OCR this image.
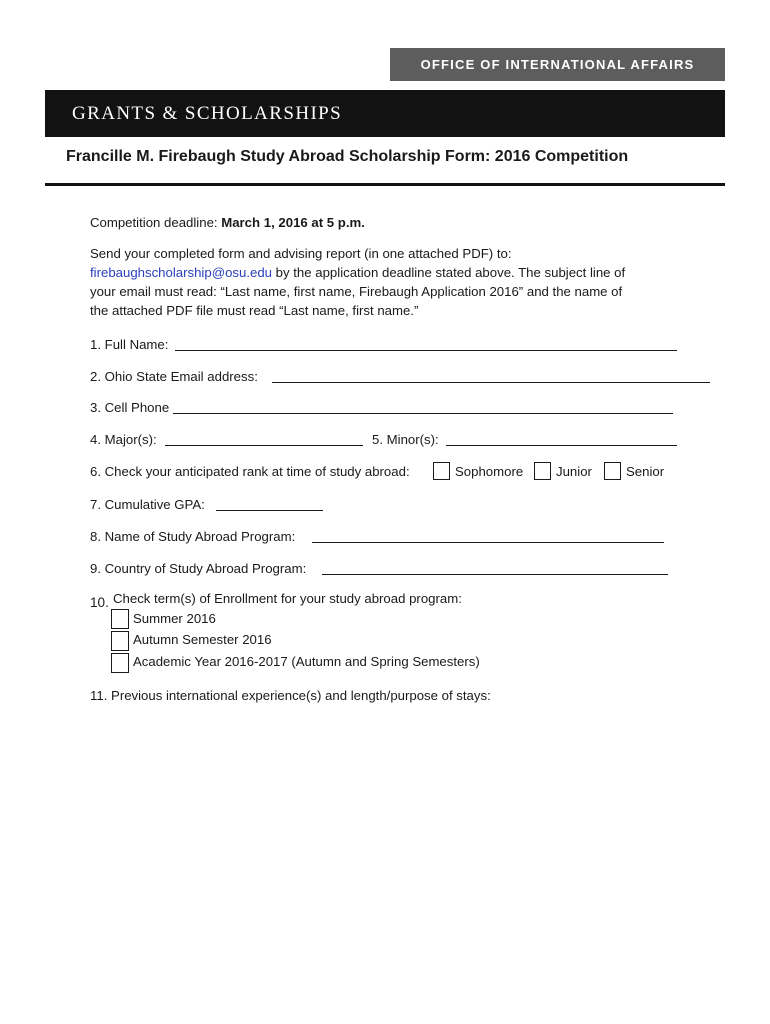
OFFICE OF INTERNATIONAL AFFAIRS
GRANTS & SCHOLARSHIPS
Francille M. Firebaugh Study Abroad Scholarship Form: 2016 Competition
Competition deadline: March 1, 2016 at 5 p.m.
Send your completed form and advising report (in one attached PDF) to:
firebaughscholarship@osu.edu by the application deadline stated above. The subject line of
your email must read: “Last name, first name, Firebaugh Application 2016” and the name of
the attached PDF file must read “Last name, first name.”
1. Full Name:
2. Ohio State Email address:
3. Cell Phone
4. Major(s):	5. Minor(s):
6. Check your anticipated rank at time of study abroad:	Sophomore Junior	Senior
7. Cumulative GPA:
8. Name of Study Abroad Program:
9. Country of Study Abroad Program:
10. Check term(s) of Enrollment for your study abroad program:
Summer 2016
Autumn Semester 2016
Academic Year 2016-2017 (Autumn and Spring Semesters)
11. Previous international experience(s) and length/purpose of stays:
